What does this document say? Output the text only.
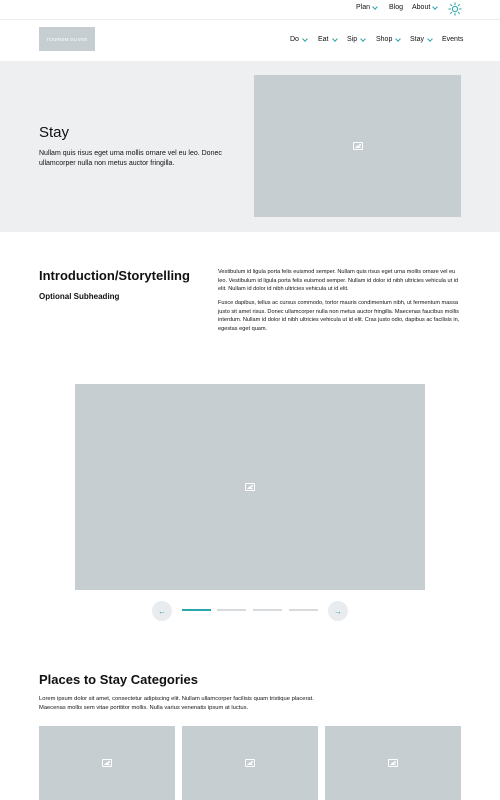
Plan	Blog About
TOURISM OLIVER	Do	Eat	Sip	Shop	Stay	Events
Stay

Nullam quis risus eget urna mollis ornare vel eu leo. Donec ullamcorper nulla non metus auctor fringilla.

Introduction/Storytelling
Optional Subheading

Vestibulum id ligula porta felis euismod semper. Nullam quis risus eget urna mollis ornare vel eu leo. Vestibulum id ligula porta felis euismod semper. Nullam id dolor id nibh ultricies vehicula ut id elit. Nullam id dolor id nibh ultricies vehicula ut id elit.

Fusce dapibus, tellus ac cursus commodo, tortor mauris condimentum nibh, ut fermentum massa justo sit amet risus. Donec ullamcorper nulla non metus auctor fringilla. Maecenas faucibus mollis interdum. Nullam id dolor id nibh ultricies vehicula ut id elit. Cras justo odio, dapibus ac facilisis in, egestas eget quam.

←	→
Places to Stay Categories

Lorem ipsum dolor sit amet, consectetur adipiscing elit. Nullam ullamcorper facilisis quam tristique placerat. Maecenas mollis sem vitae porttitor mollis. Nulla varius venenatis ipsum at luctus.
